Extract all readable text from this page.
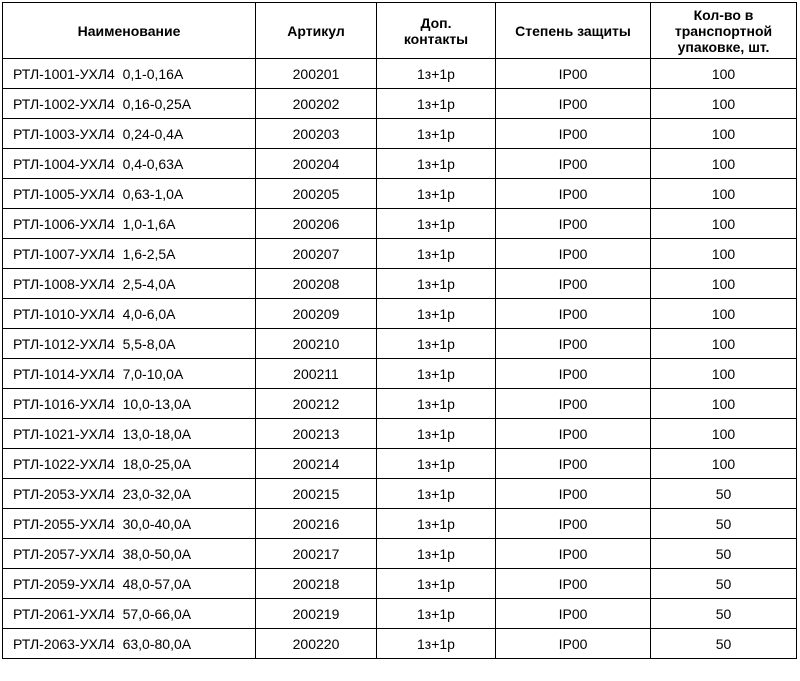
Наименование	Артикул	Доп. контакты	Степень защиты	Кол-во в транспортной упаковке, шт.
РТЛ-1001-УХЛ4  0,1-0,16А	200201	1з+1р	IP00	100
РТЛ-1002-УХЛ4  0,16-0,25А	200202	1з+1р	IP00	100
РТЛ-1003-УХЛ4  0,24-0,4А	200203	1з+1р	IP00	100
РТЛ-1004-УХЛ4  0,4-0,63А	200204	1з+1р	IP00	100
РТЛ-1005-УХЛ4  0,63-1,0А	200205	1з+1р	IP00	100
РТЛ-1006-УХЛ4  1,0-1,6А	200206	1з+1р	IP00	100
РТЛ-1007-УХЛ4  1,6-2,5А	200207	1з+1р	IP00	100
РТЛ-1008-УХЛ4  2,5-4,0А	200208	1з+1р	IP00	100
РТЛ-1010-УХЛ4  4,0-6,0А	200209	1з+1р	IP00	100
РТЛ-1012-УХЛ4  5,5-8,0А	200210	1з+1р	IP00	100
РТЛ-1014-УХЛ4  7,0-10,0А	200211	1з+1р	IP00	100
РТЛ-1016-УХЛ4  10,0-13,0А	200212	1з+1р	IP00	100
РТЛ-1021-УХЛ4  13,0-18,0А	200213	1з+1р	IP00	100
РТЛ-1022-УХЛ4  18,0-25,0А	200214	1з+1р	IP00	100
РТЛ-2053-УХЛ4  23,0-32,0А	200215	1з+1р	IP00	50
РТЛ-2055-УХЛ4  30,0-40,0А	200216	1з+1р	IP00	50
РТЛ-2057-УХЛ4  38,0-50,0А	200217	1з+1р	IP00	50
РТЛ-2059-УХЛ4  48,0-57,0А	200218	1з+1р	IP00	50
РТЛ-2061-УХЛ4  57,0-66,0А	200219	1з+1р	IP00	50
РТЛ-2063-УХЛ4  63,0-80,0А	200220	1з+1р	IP00	50
